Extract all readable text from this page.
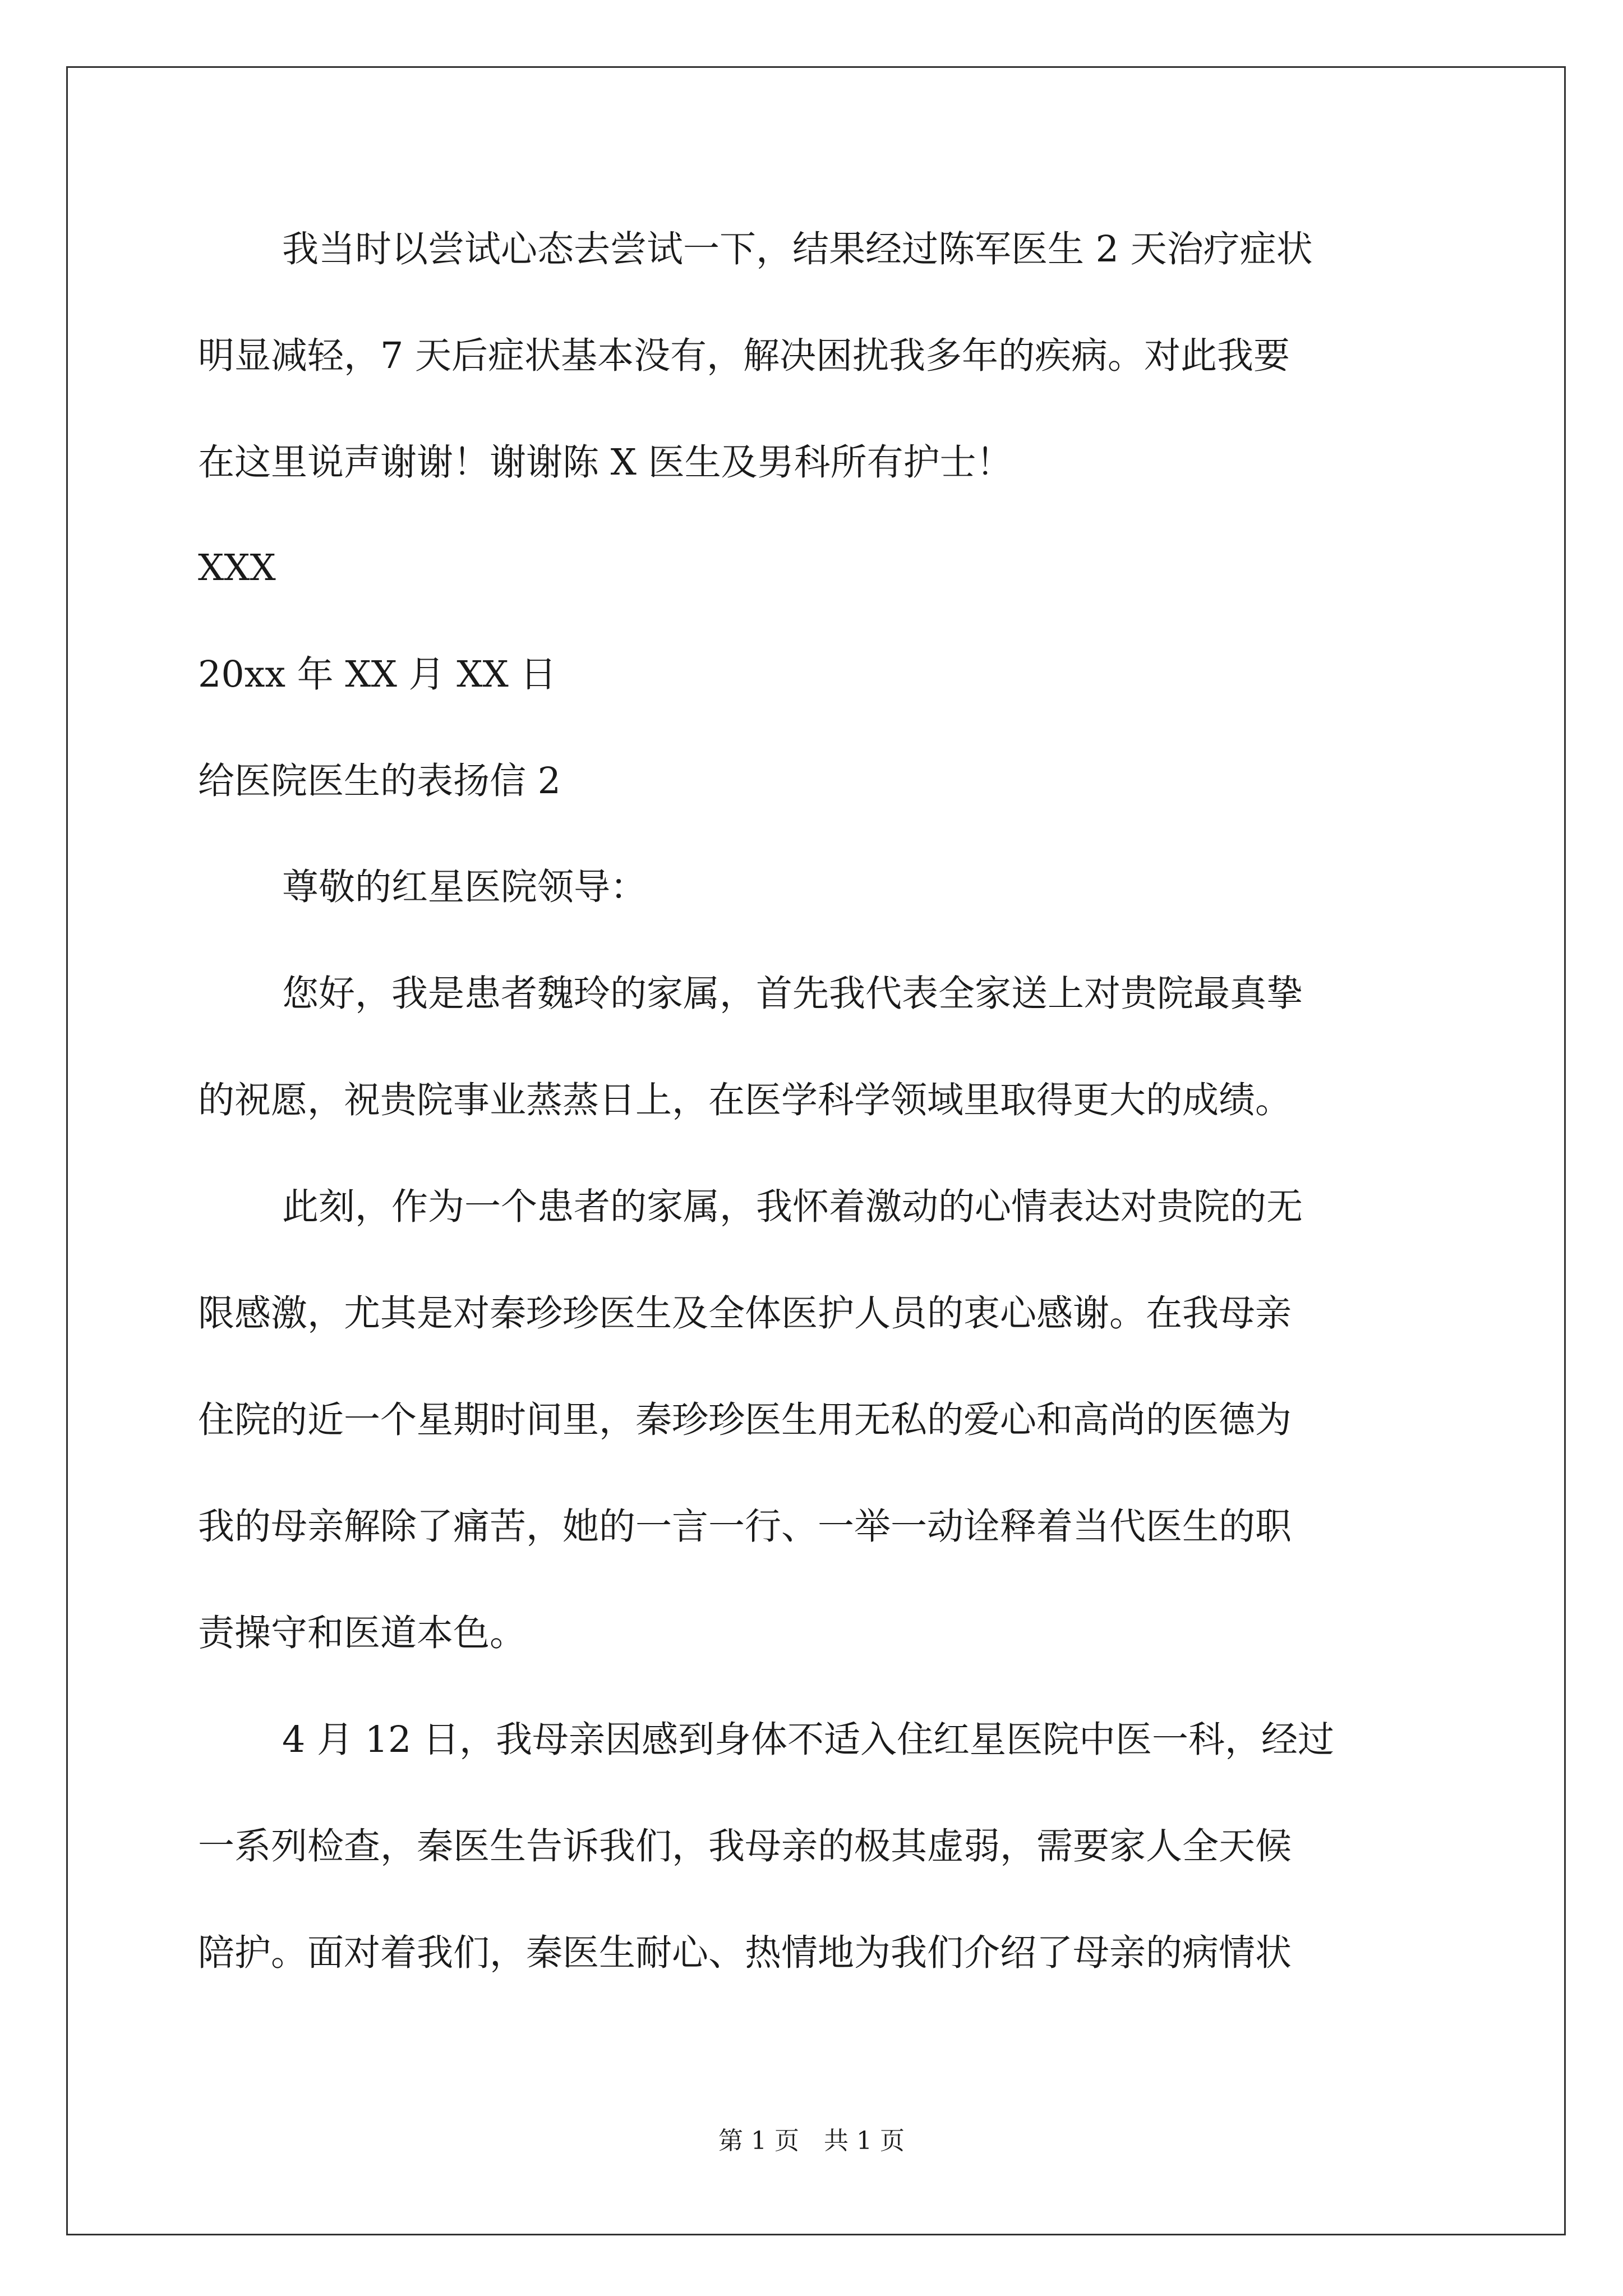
我当时以尝试心态去尝试一下，结果经过陈军医生 2 天治疗症状
明显减轻，7 天后症状基本没有，解决困扰我多年的疾病。对此我要
在这里说声谢谢！谢谢陈 X 医生及男科所有护士！
XXX
20xx 年 XX 月 XX 日
给医院医生的表扬信 2
尊敬的红星医院领导：
您好，我是患者魏玲的家属，首先我代表全家送上对贵院最真挚
的祝愿，祝贵院事业蒸蒸日上，在医学科学领域里取得更大的成绩。
此刻，作为一个患者的家属，我怀着激动的心情表达对贵院的无
限感激，尤其是对秦珍珍医生及全体医护人员的衷心感谢。在我母亲
住院的近一个星期时间里，秦珍珍医生用无私的爱心和高尚的医德为
我的母亲解除了痛苦，她的一言一行、一举一动诠释着当代医生的职
责操守和医道本色。
4 月 12 日，我母亲因感到身体不适入住红星医院中医一科，经过
一系列检查，秦医生告诉我们，我母亲的极其虚弱，需要家人全天候
陪护。面对着我们，秦医生耐心、热情地为我们介绍了母亲的病情状
第 1 页　共 1 页
